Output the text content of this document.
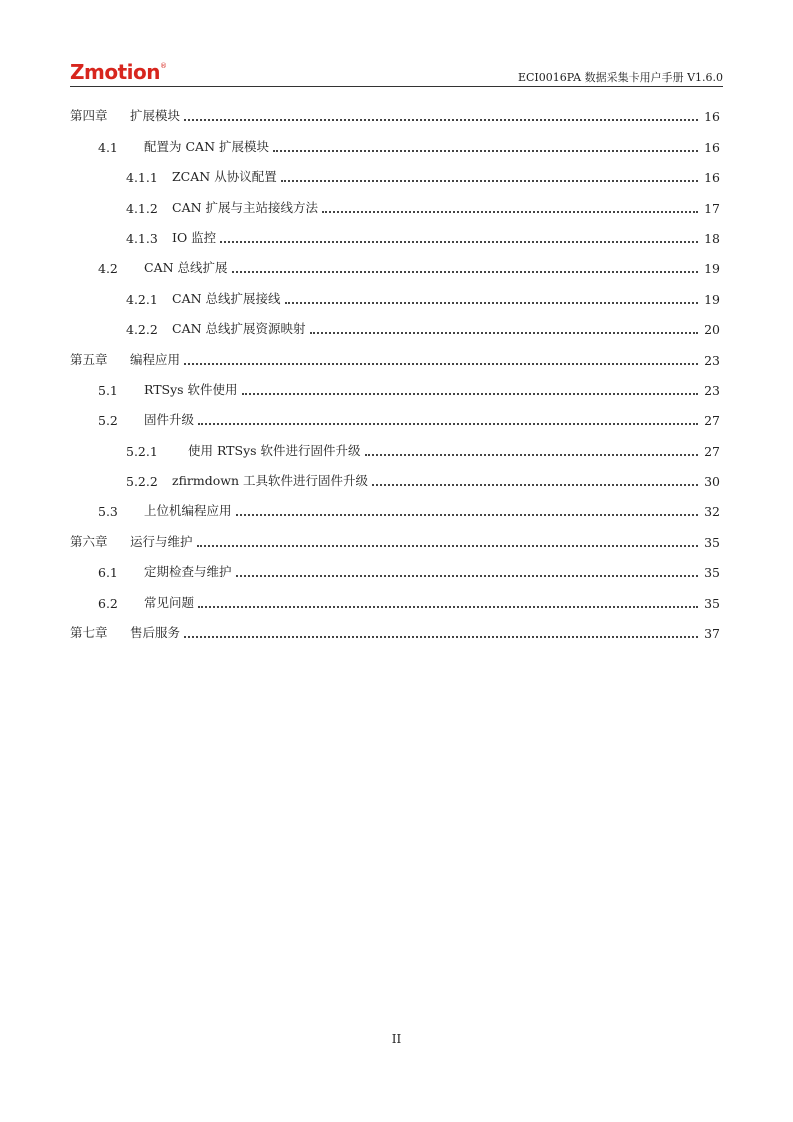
Zmotion®
ECI0016PA 数据采集卡用户手册 V1.6.0
第四章	扩展模块	16
4.1	配置为 CAN 扩展模块	16
4.1.1	ZCAN 从协议配置	16
4.1.2	CAN 扩展与主站接线方法	17
4.1.3	IO 监控	18
4.2	CAN 总线扩展	19
4.2.1	CAN 总线扩展接线	19
4.2.2	CAN 总线扩展资源映射	20
第五章	编程应用	23
5.1	RTSys 软件使用	23
5.2	固件升级	27
5.2.1	使用 RTSys 软件进行固件升级	27
5.2.2	zfirmdown 工具软件进行固件升级	30
5.3	上位机编程应用	32
第六章	运行与维护	35
6.1	定期检查与维护	35
6.2	常见问题	35
第七章	售后服务	37
II
